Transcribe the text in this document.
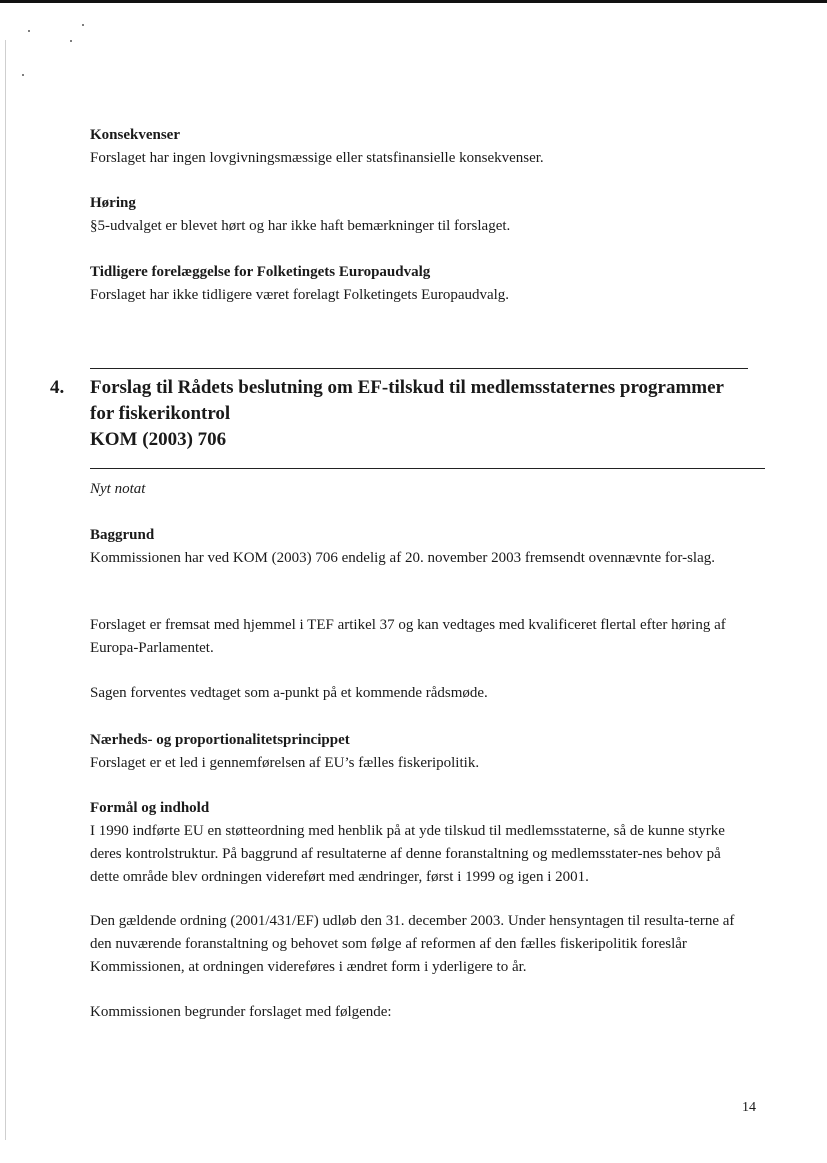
Konsekvenser
Forslaget har ingen lovgivningsmæssige eller statsfinansielle konsekvenser.
Høring
§5-udvalget er blevet hørt og har ikke haft bemærkninger til forslaget.
Tidligere forelæggelse for Folketingets Europaudvalg
Forslaget har ikke tidligere været forelagt Folketingets Europaudvalg.
4. Forslag til Rådets beslutning om EF-tilskud til medlemsstaternes programmer
for fiskerikontrol
KOM (2003) 706
Nyt notat
Baggrund
Kommissionen har ved KOM (2003) 706 endelig af 20. november 2003 fremsendt ovennævnte for-slag.
Forslaget er fremsat med hjemmel i TEF artikel 37 og kan vedtages med kvalificeret flertal efter høring af Europa-Parlamentet.
Sagen forventes vedtaget som a-punkt på et kommende rådsmøde.
Nærheds- og proportionalitetsprincippet
Forslaget er et led i gennemførelsen af EU’s fælles fiskeripolitik.
Formål og indhold
I 1990 indførte EU en støtteordning med henblik på at yde tilskud til medlemsstaterne, så de kunne styrke deres kontrolstruktur. På baggrund af resultaterne af denne foranstaltning og medlemsstater-nes behov på dette område blev ordningen videreført med ændringer, først i 1999 og igen i 2001.
Den gældende ordning (2001/431/EF) udløb den 31. december 2003. Under hensyntagen til resulta-terne af den nuværende foranstaltning og behovet som følge af reformen af den fælles fiskeripolitik foreslår Kommissionen, at ordningen videreføres i ændret form i yderligere to år.
Kommissionen begrunder forslaget med følgende:
14
